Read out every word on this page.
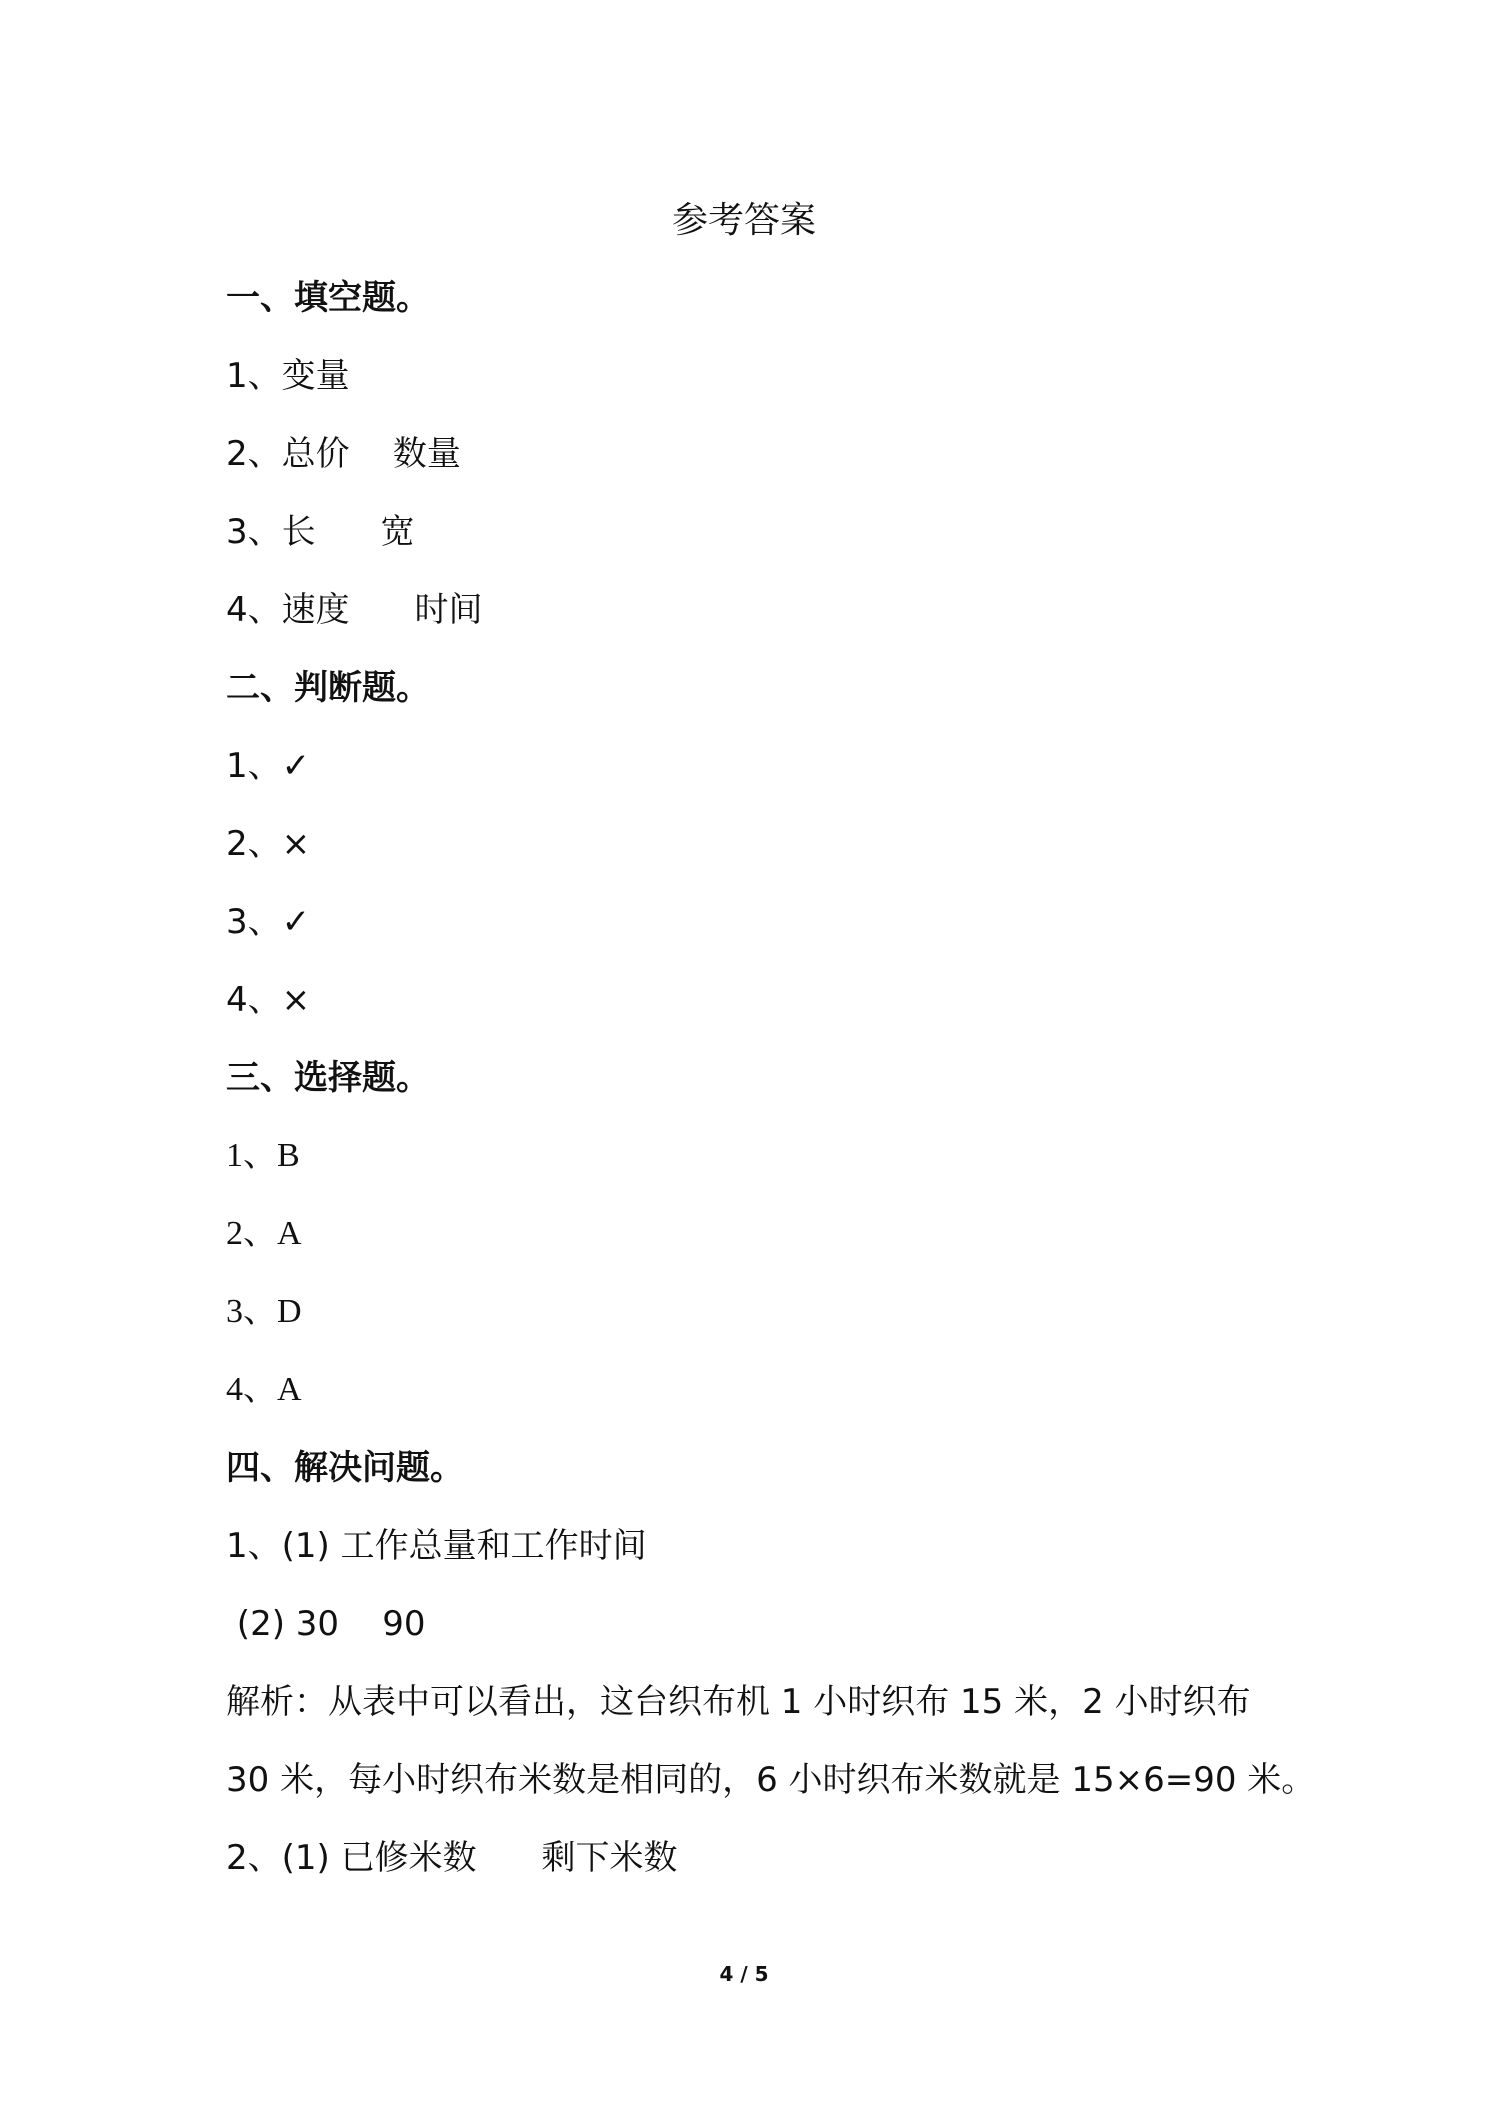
参考答案
一、填空题。
1、变量
2、总价    数量
3、长      宽
4、速度      时间
二、判断题。
1、✓
2、×
3、✓
4、×
三、选择题。
1、B
2、A
3、D
4、A
四、解决问题。
1、(1) 工作总量和工作时间
(2) 30    90
解析：从表中可以看出，这台织布机 1 小时织布 15 米，2 小时织布
30 米，每小时织布米数是相同的，6 小时织布米数就是 15×6=90 米。
2、(1) 已修米数      剩下米数
4 / 5
